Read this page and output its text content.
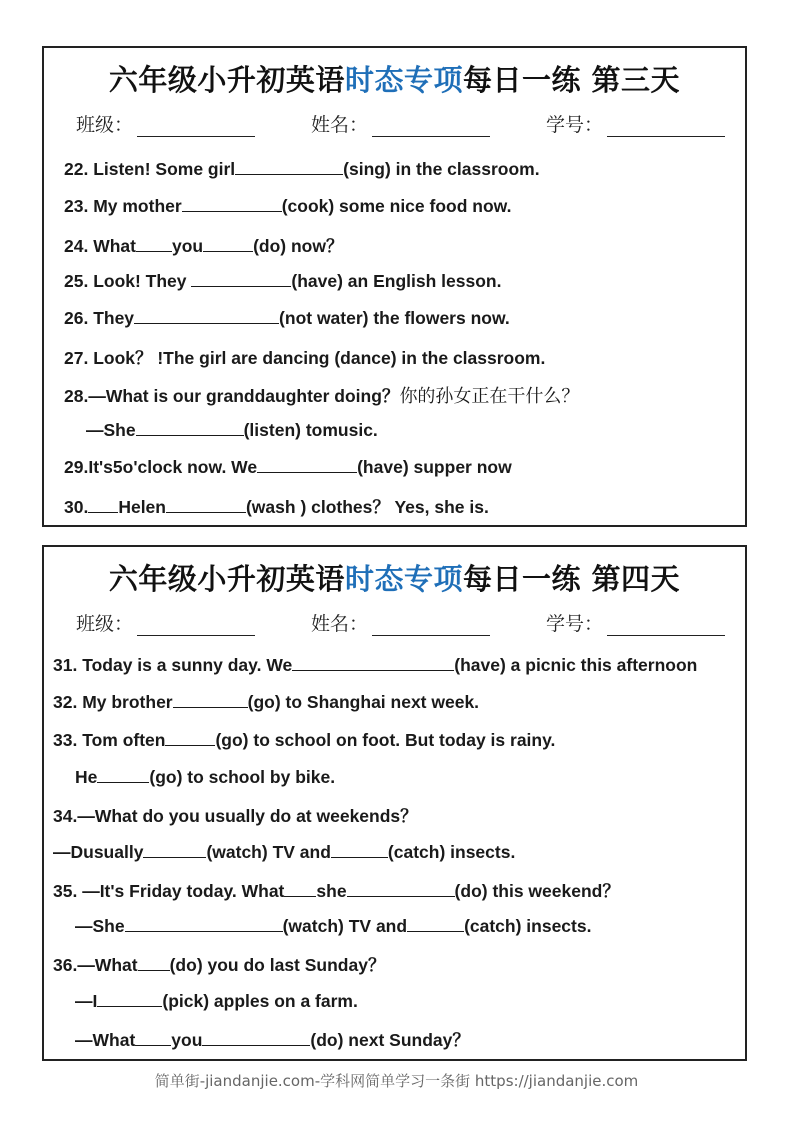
六年级小升初英语时态专项每日一练 第三天
班级：	姓名：	学号：
22. Listen! Some girl	(sing) in the classroom.
23. My mother	(cook) some nice food now.
24. What you	(do) now？
25. Look! They	(have) an English lesson.
26. They	(not water) the flowers now.
27. Look？ !The girl are dancing (dance) in the classroom.
28.—What is our granddaughter doing？你的孙女正在干什么？
—She	(listen) tomusic.
29.It's5o'clock now. We	(have) supper now
30. Helen	(wash ) clothes？ Yes, she is.
六年级小升初英语时态专项每日一练 第四天
班级：	姓名：	学号：
31. Today is a sunny day. We	(have) a picnic this afternoon
32. My brother	(go) to Shanghai next week.
33. Tom often	(go) to school on foot. But today is rainy.
He	(go) to school by bike.
34.—What do you usually do at weekends？
—Dusually	(watch) TV and	(catch) insects.
35. —It's Friday today. What she	(do) this weekend？
—She	(watch) TV and	(catch) insects.
36.—What (do) you do last Sunday？
—I	(pick) apples on a farm.
—What you	(do) next Sunday？
简单街-jiandanjie.com-学科网简单学习一条街 https://jiandanjie.com
